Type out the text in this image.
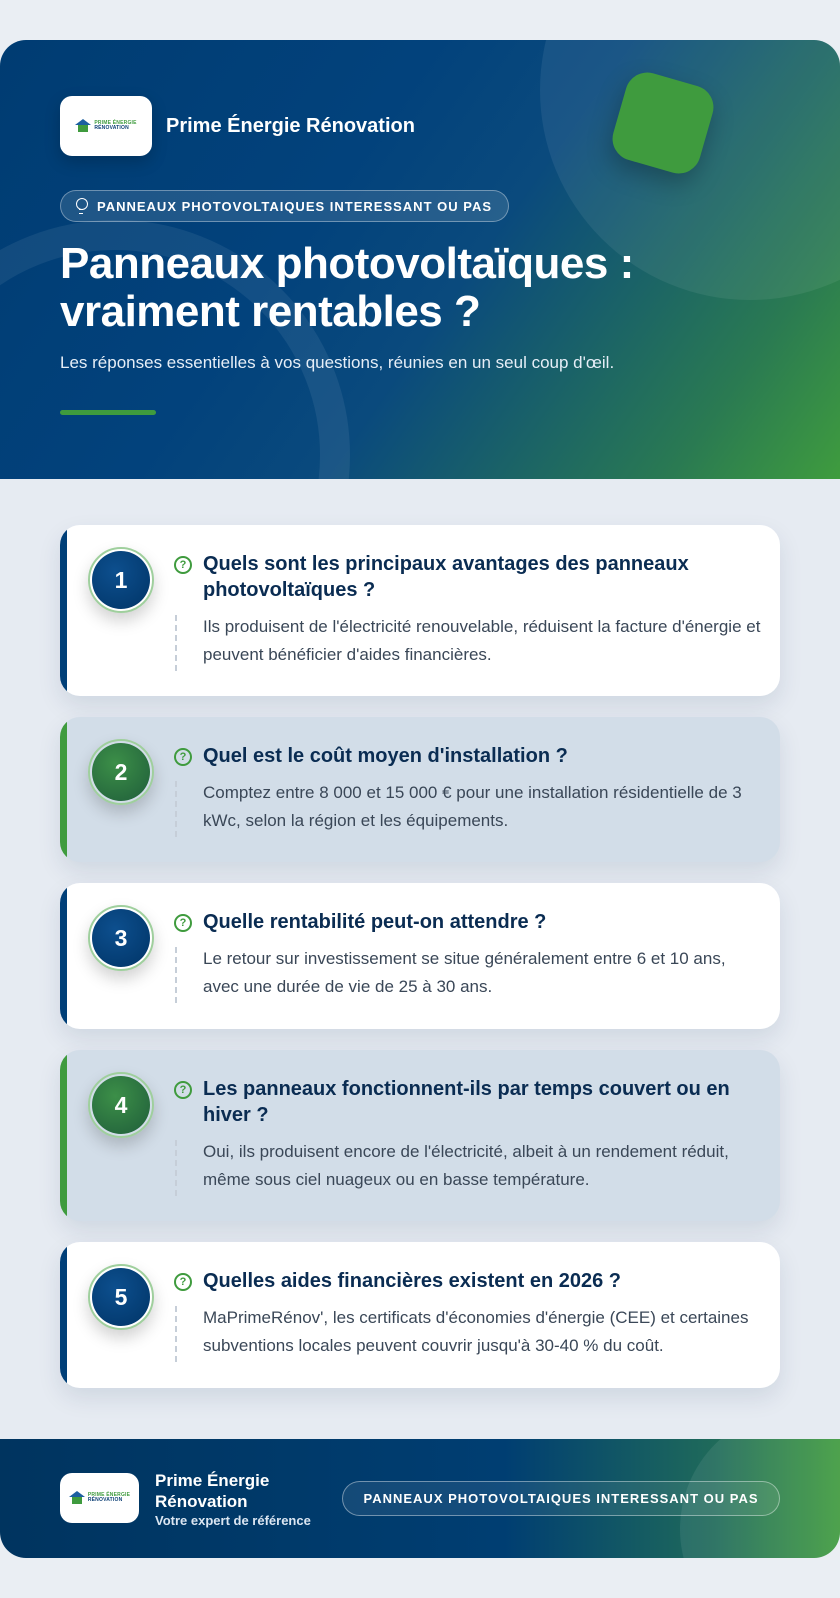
PRIME ÉNERGIE
RÉNOVATION	Prime Énergie Rénovation
PANNEAUX PHOTOVOLTAIQUES INTERESSANT OU PAS
Panneaux photovoltaïques :
vraiment rentables ?

Les réponses essentielles à vos questions, réunies en un seul coup d'œil.

1
? Quels sont les principaux avantages des panneaux photovoltaïques ?
Ils produisent de l'électricité renouvelable, réduisent la facture d'énergie et peuvent bénéficier d'aides financières.
2
? Quel est le coût moyen d'installation ?
Comptez entre 8 000 et 15 000 € pour une installation résidentielle de 3 kWc, selon la région et les équipements.
3
? Quelle rentabilité peut-on attendre ?
Le retour sur investissement se situe généralement entre 6 et 10 ans, avec une durée de vie de 25 à 30 ans.
4
? Les panneaux fonctionnent-ils par temps couvert ou en hiver ?
Oui, ils produisent encore de l'électricité, albeit à un rendement réduit, même sous ciel nuageux ou en basse température.
5
? Quelles aides financières existent en 2026 ?
MaPrimeRénov', les certificats d'économies d'énergie (CEE) et certaines subventions locales peuvent couvrir jusqu'à 30-40 % du coût.
PRIME ÉNERGIE
RÉNOVATION
Prime Énergie
Rénovation
Votre expert de référence
PANNEAUX PHOTOVOLTAIQUES INTERESSANT OU PAS
